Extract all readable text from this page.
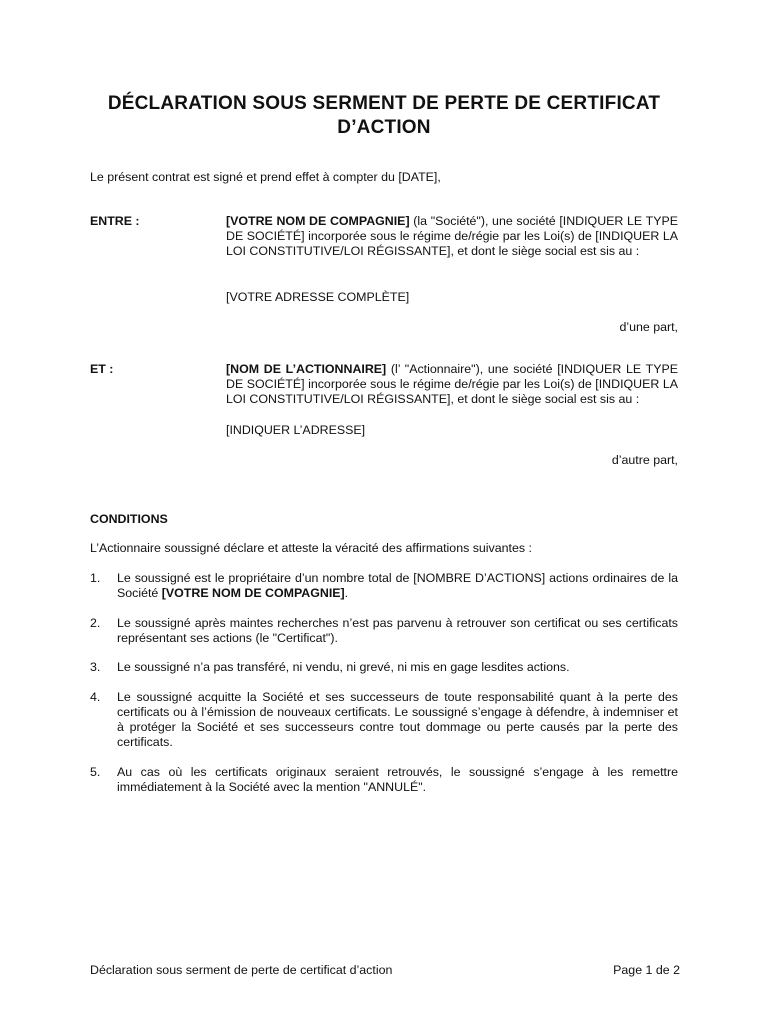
DÉCLARATION SOUS SERMENT DE PERTE DE CERTIFICAT
D’ACTION
Le présent contrat est signé et prend effet à compter du [DATE],
ENTRE :	[VOTRE NOM DE COMPAGNIE] (la "Société"), une société [INDIQUER LE TYPE DE SOCIÉTÉ] incorporée sous le régime de/régie par les Loi(s) de [INDIQUER LA LOI CONSTITUTIVE/LOI RÉGISSANTE], et dont le siège social est sis au :
[VOTRE ADRESSE COMPLÈTE]
d’une part,
ET :	[NOM DE L’ACTIONNAIRE] (l’ "Actionnaire"), une société [INDIQUER LE TYPE DE SOCIÉTÉ] incorporée sous le régime de/régie par les Loi(s) de [INDIQUER LA LOI CONSTITUTIVE/LOI RÉGISSANTE], et dont le siège social est sis au :
[INDIQUER L’ADRESSE]
d’autre part,
CONDITIONS
L’Actionnaire soussigné déclare et atteste la véracité des affirmations suivantes :
1.	Le soussigné est le propriétaire d’un nombre total de [NOMBRE D’ACTIONS] actions ordinaires de la Société [VOTRE NOM DE COMPAGNIE].
2.	Le soussigné après maintes recherches n’est pas parvenu à retrouver son certificat ou ses certificats représentant ses actions (le "Certificat").
3.	Le soussigné n’a pas transféré, ni vendu, ni grevé, ni mis en gage lesdites actions.
4.	Le soussigné acquitte la Société et ses successeurs de toute responsabilité quant à la perte des certificats ou à l’émission de nouveaux certificats. Le soussigné s’engage à défendre, à indemniser et à protéger la Société et ses successeurs contre tout dommage ou perte causés par la perte des certificats.
5.	Au cas où les certificats originaux seraient retrouvés, le soussigné s’engage à les remettre immédiatement à la Société avec la mention "ANNULÉ".
Déclaration sous serment de perte de certificat d’action	Page 1 de 2
